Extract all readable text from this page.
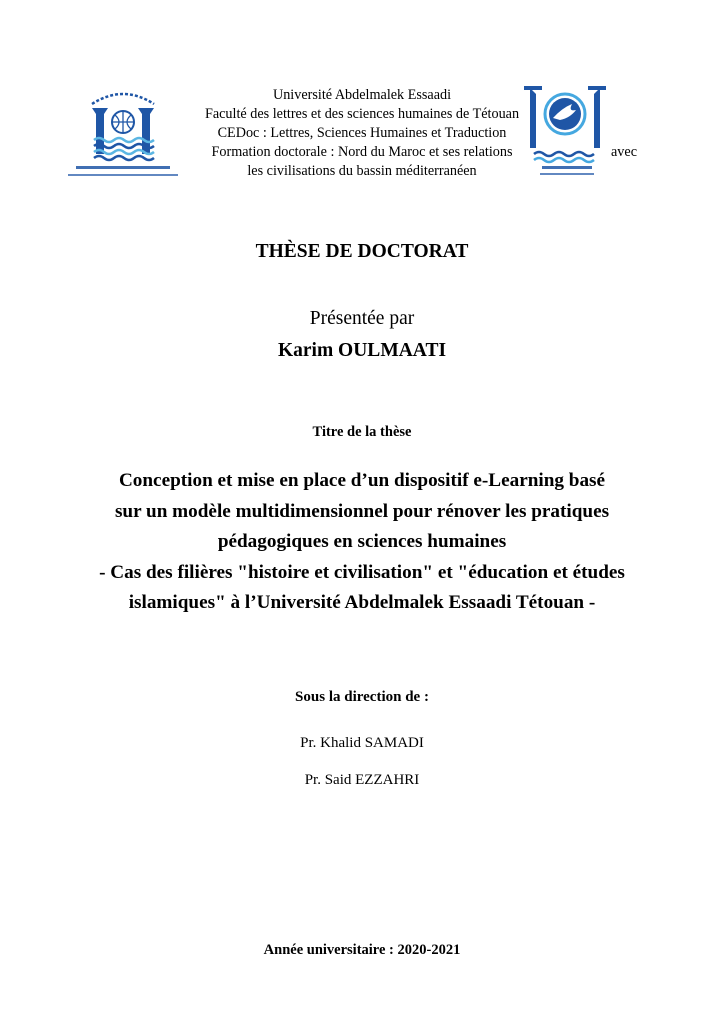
Université Abdelmalek Essaadi
Faculté des lettres et des sciences humaines de Tétouan
CEDoc : Lettres, Sciences Humaines et Traduction
Formation doctorale : Nord du Maroc et ses relations
les civilisations du bassin méditerranéen
avec
THÈSE DE DOCTORAT
Présentée par
Karim OULMAATI
Titre de la thèse
Conception et mise en place d’un dispositif e-Learning basé
sur un modèle multidimensionnel pour rénover les pratiques
pédagogiques en sciences humaines
- Cas des filières "histoire et civilisation" et "éducation et études
islamiques" à l’Université Abdelmalek Essaadi Tétouan -
Sous la direction de :
Pr. Khalid SAMADI
Pr. Said EZZAHRI
Année universitaire : 2020-2021
